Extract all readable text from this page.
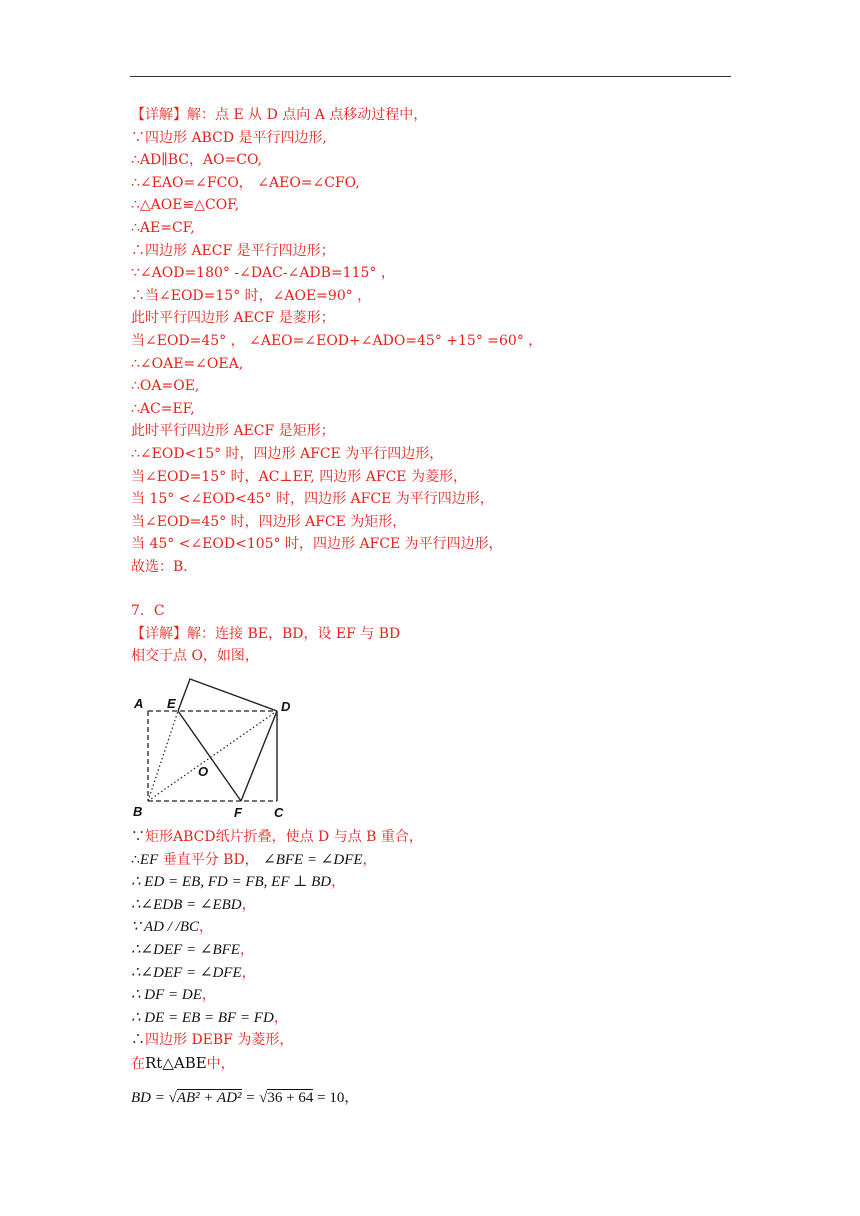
【详解】解：点 E 从 D 点向 A 点移动过程中，
∵四边形 ABCD 是平行四边形,
∴AD∥BC，AO=CO,
∴∠EAO=∠FCO， ∠AEO=∠CFO,
∴△AOE≌△COF,
∴AE=CF,
∴四边形 AECF 是平行四边形；
∵∠AOD=180° -∠DAC-∠ADB=115° ，
∴当∠EOD=15° 时，∠AOE=90° ，
此时平行四边形 AECF 是菱形；
当∠EOD=45° ， ∠AEO=∠EOD+∠ADO=45° +15° =60° ，
∴∠OAE=∠OEA,
∴OA=OE,
∴AC=EF,
此时平行四边形 AECF 是矩形；
∴∠EOD<15° 时，四边形 AFCE 为平行四边形，
当∠EOD=15° 时，AC⊥EF, 四边形 AFCE 为菱形，
当 15° <∠EOD<45° 时，四边形 AFCE 为平行四边形，
当∠EOD=45° 时，四边形 AFCE 为矩形，
当 45° <∠EOD<105° 时，四边形 AFCE 为平行四边形，
故选：B.
7．C
【详解】解：连接 BE，BD，设 EF 与 BD
相交于点 O，如图，
A E	D
O
B	F C
∵矩形ABCD纸片折叠，使点 D 与点 B 重合，
∴EF 垂直平分 BD， ∠BFE = ∠DFE，
∴ ED = EB, FD = FB, EF ⊥ BD，
∴∠EDB = ∠EBD，
∵ AD / /BC，
∴∠DEF = ∠BFE，
∴∠DEF = ∠DFE，
∴ DF = DE，
∴ DE = EB = BF = FD，
∴四边形 DEBF 为菱形，
在Rt△ABE中，
BD = √AB² + AD² = √36 + 64 = 10，
